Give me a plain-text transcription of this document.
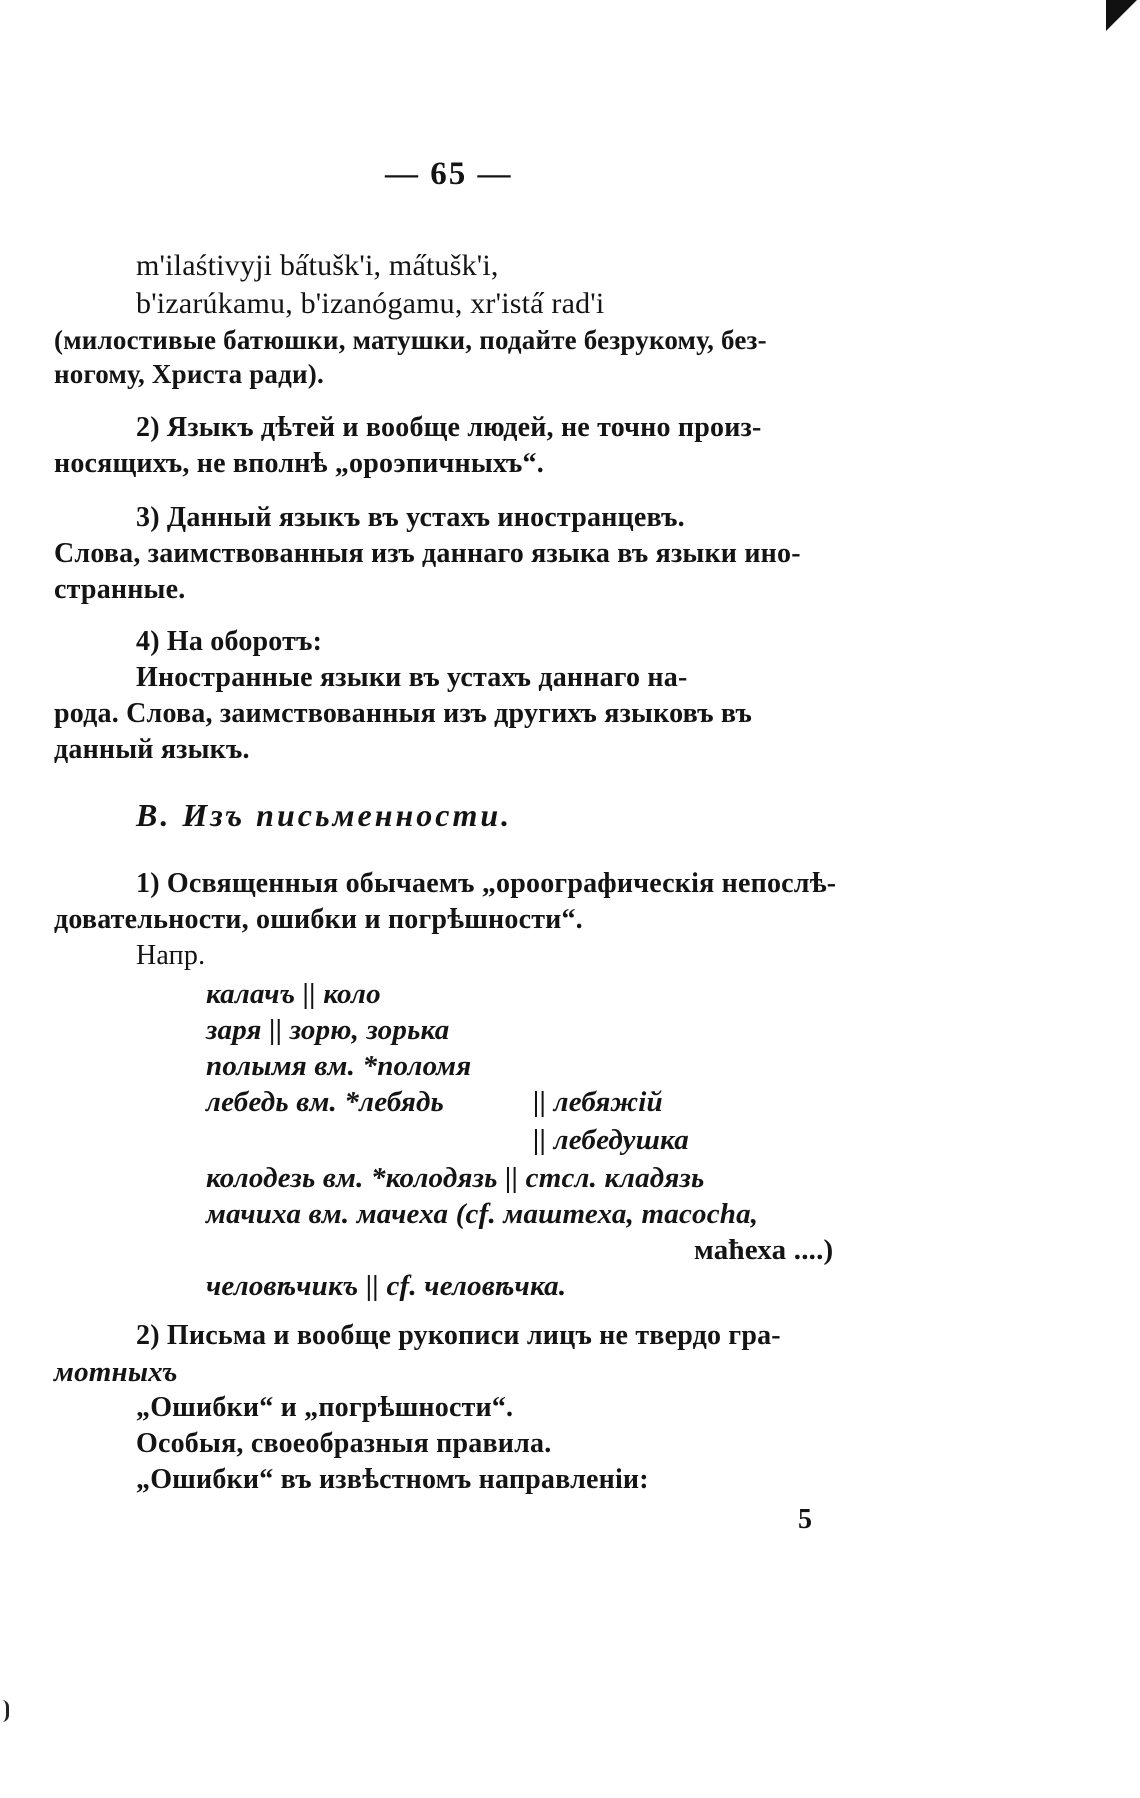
— 65 —
m'ilaśtivyji ba̋tušk'i, ma̋tušk'i,
b'izarúkamu, b'izanógamu, xr'ista̋ rad'i
(милостивые батюшки, матушки, подайте безрукому, без-
ногому, Христа ради).
2) Языкъ дѣтей и вообще людей, не точно произ-
носящихъ, не вполнѣ „ороэпичныхъ“.
3) Данный языкъ въ устахъ иностранцевъ.
Слова, заимствованныя изъ даннаго языка въ языки ино-
странные.
4) На оборотъ:
Иностранные языки въ устахъ даннаго на-
рода. Слова, заимствованныя изъ другихъ языковъ въ
данный языкъ.
В. Изъ письменности.
1) Освященныя обычаемъ „ороографическія непослѣ-
довательности, ошибки и погрѣшности“.
Напр.
калачъ || коло
заря || зорю, зорька
полымя вм. *поломя
лебедь вм. *лебядь	|| лебяжій
|| лебедушка
колодезь вм. *колодязь || стсл. кладязь
мачиха вм. мачеха (cf. маштеха, macocha,
маћеха ....)
человѣчикъ || cf. человѣчка.
2) Письма и вообще рукописи лицъ не твердо гра-
мотныхъ
„Ошибки“ и „погрѣшности“.
Особыя, своеобразныя правила.
„Ошибки“ въ извѣстномъ направленіи:
5
